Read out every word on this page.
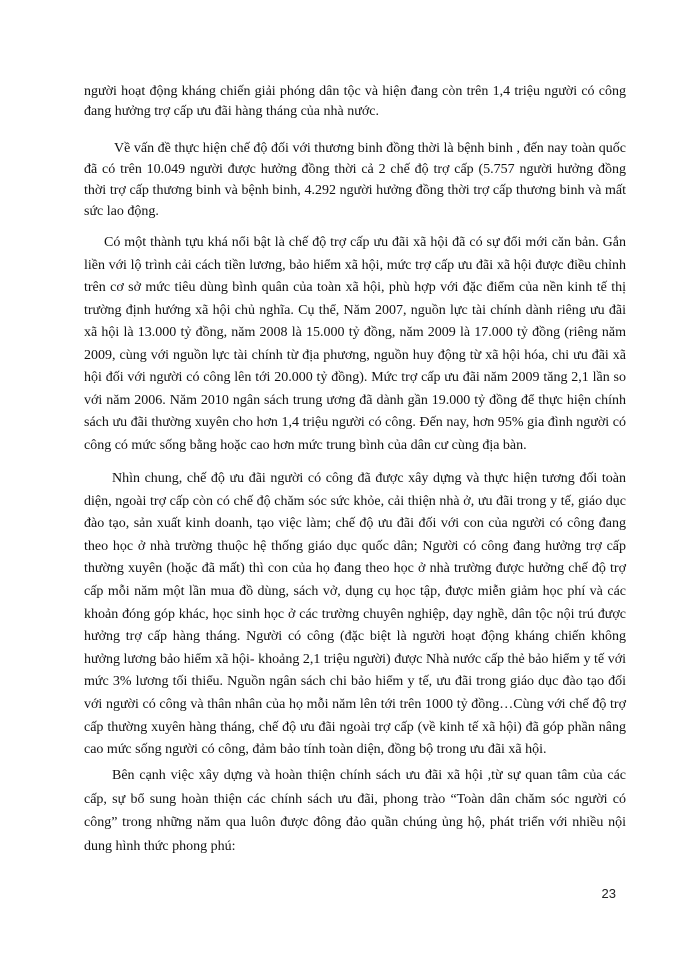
người hoạt động kháng chiến giải phóng dân tộc và hiện đang còn trên 1,4 triệu người có công đang hưởng trợ cấp ưu đãi hàng tháng của nhà nước.

Về vấn đề thực hiện chế độ đối với thương binh đồng thời là bệnh binh , đến nay toàn quốc đã có trên 10.049 người được hưởng đồng thời cả 2 chế độ trợ cấp (5.757 người hưởng đồng thời trợ cấp thương binh và bệnh binh, 4.292 người hưởng đồng thời trợ cấp thương binh và mất sức lao động.

Có một thành tựu khá nổi bật là chế độ trợ cấp ưu đãi xã hội đã có sự đổi mới căn bản. Gắn liền với lộ trình cải cách tiền lương, bảo hiểm xã hội, mức trợ cấp ưu đãi xã hội được điều chỉnh trên cơ sở mức tiêu dùng bình quân của toàn xã hội, phù hợp với đặc điểm của nền kinh tế thị trường định hướng xã hội chủ nghĩa. Cụ thể, Năm 2007, nguồn lực tài chính dành riêng ưu đãi xã hội là 13.000 tỷ đồng, năm 2008 là 15.000 tỷ đồng, năm 2009 là 17.000 tỷ đồng (riêng năm 2009, cùng với nguồn lực tài chính từ địa phương, nguồn huy động từ xã hội hóa, chi ưu đãi xã hội đối với người có công lên tới 20.000 tỷ đồng). Mức trợ cấp ưu đãi năm 2009 tăng 2,1 lần so với năm 2006. Năm 2010 ngân sách trung ương đã dành gần 19.000 tỷ đồng để thực hiện chính sách ưu đãi thường xuyên cho hơn 1,4 triệu người có công. Đến nay, hơn 95% gia đình người có công có mức sống bằng hoặc cao hơn mức trung bình của dân cư cùng địa bàn.

Nhìn chung, chế độ ưu đãi người có công đã được xây dựng và thực hiện tương đối toàn diện, ngoài trợ cấp còn có chế độ chăm sóc sức khỏe, cải thiện nhà ở, ưu đãi trong y tế, giáo dục đào tạo, sản xuất kinh doanh, tạo việc làm; chế độ ưu đãi đối với con của người có công đang theo học ở nhà trường thuộc hệ thống giáo dục quốc dân; Người có công đang hưởng trợ cấp thường xuyên (hoặc đã mất) thì con của họ đang theo học ở nhà trường được hưởng chế độ trợ cấp mỗi năm một lần mua đồ dùng, sách vở, dụng cụ học tập, được miễn giảm học phí và các khoản đóng góp khác, học sinh học ở các trường chuyên nghiệp, dạy nghề, dân tộc nội trú được hưởng trợ cấp hàng tháng. Người có công (đặc biệt là người hoạt động kháng chiến không hưởng lương bảo hiểm xã hội- khoảng 2,1 triệu người) được Nhà nước cấp thẻ bảo hiểm y tế với mức 3% lương tối thiểu. Nguồn ngân sách chi bảo hiểm y tế, ưu đãi trong giáo dục đào tạo đối với người có công và thân nhân của họ mỗi năm lên tới trên 1000 tỷ đồng…Cùng với chế độ trợ cấp thường xuyên hàng tháng, chế độ ưu đãi ngoài trợ cấp (về kinh tế xã hội) đã góp phần nâng cao mức sống người có công, đảm bảo tính toàn diện, đồng bộ trong ưu đãi xã hội.

Bên cạnh việc xây dựng và hoàn thiện chính sách ưu đãi xã hội ,từ sự quan tâm của các cấp, sự bổ sung hoàn thiện các chính sách ưu đãi, phong trào “Toàn dân chăm sóc người có công” trong những năm qua luôn được đông đảo quần chúng ủng hộ, phát triển với nhiều nội dung hình thức phong phú:

23
